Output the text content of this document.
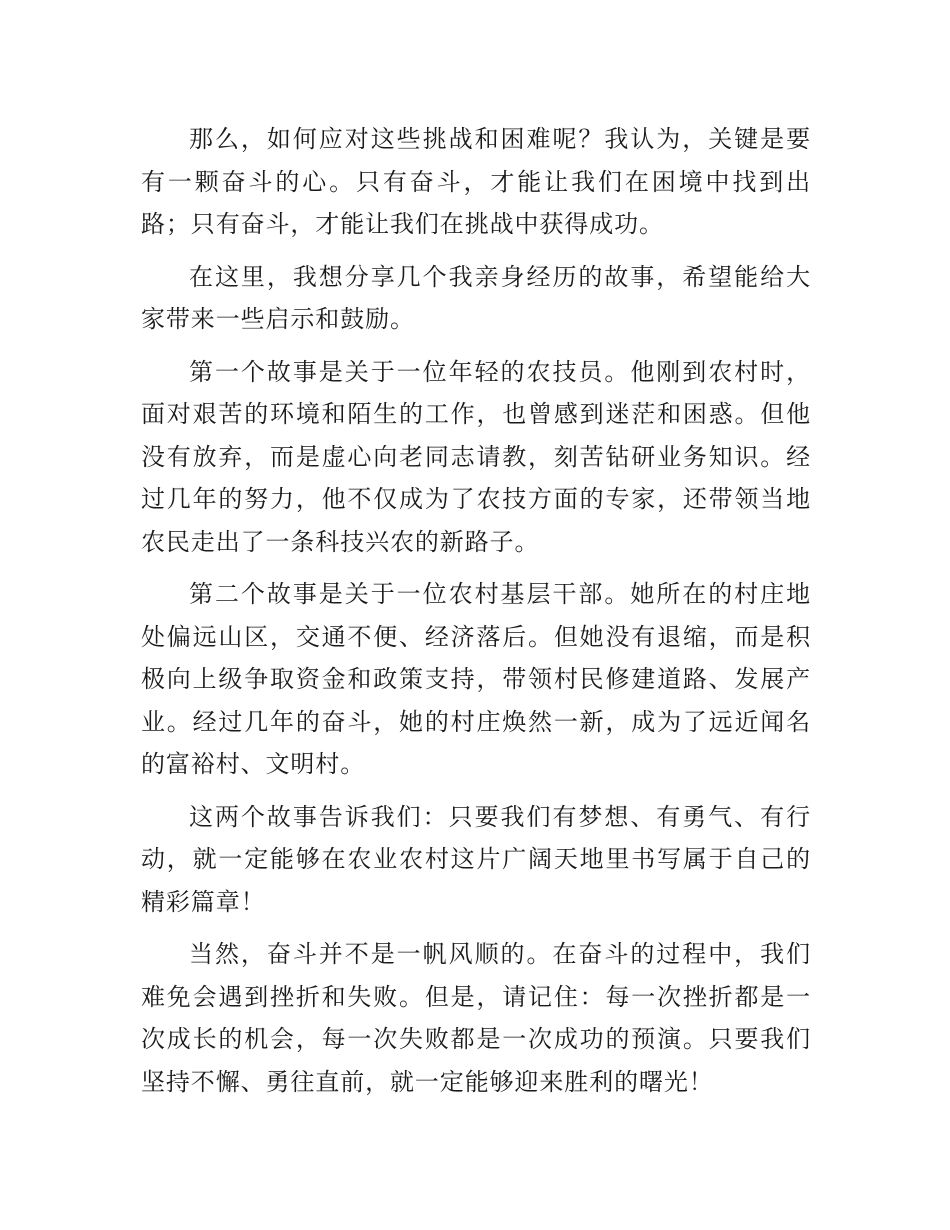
那么，如何应对这些挑战和困难呢？我认为，关键是要有一颗奋斗的心。只有奋斗，才能让我们在困境中找到出路；只有奋斗，才能让我们在挑战中获得成功。

在这里，我想分享几个我亲身经历的故事，希望能给大家带来一些启示和鼓励。

第一个故事是关于一位年轻的农技员。他刚到农村时，面对艰苦的环境和陌生的工作，也曾感到迷茫和困惑。但他没有放弃，而是虚心向老同志请教，刻苦钻研业务知识。经过几年的努力，他不仅成为了农技方面的专家，还带领当地农民走出了一条科技兴农的新路子。

第二个故事是关于一位农村基层干部。她所在的村庄地处偏远山区，交通不便、经济落后。但她没有退缩，而是积极向上级争取资金和政策支持，带领村民修建道路、发展产业。经过几年的奋斗，她的村庄焕然一新，成为了远近闻名的富裕村、文明村。

这两个故事告诉我们：只要我们有梦想、有勇气、有行动，就一定能够在农业农村这片广阔天地里书写属于自己的精彩篇章！

当然，奋斗并不是一帆风顺的。在奋斗的过程中，我们难免会遇到挫折和失败。但是，请记住：每一次挫折都是一次成长的机会，每一次失败都是一次成功的预演。只要我们坚持不懈、勇往直前，就一定能够迎来胜利的曙光！
